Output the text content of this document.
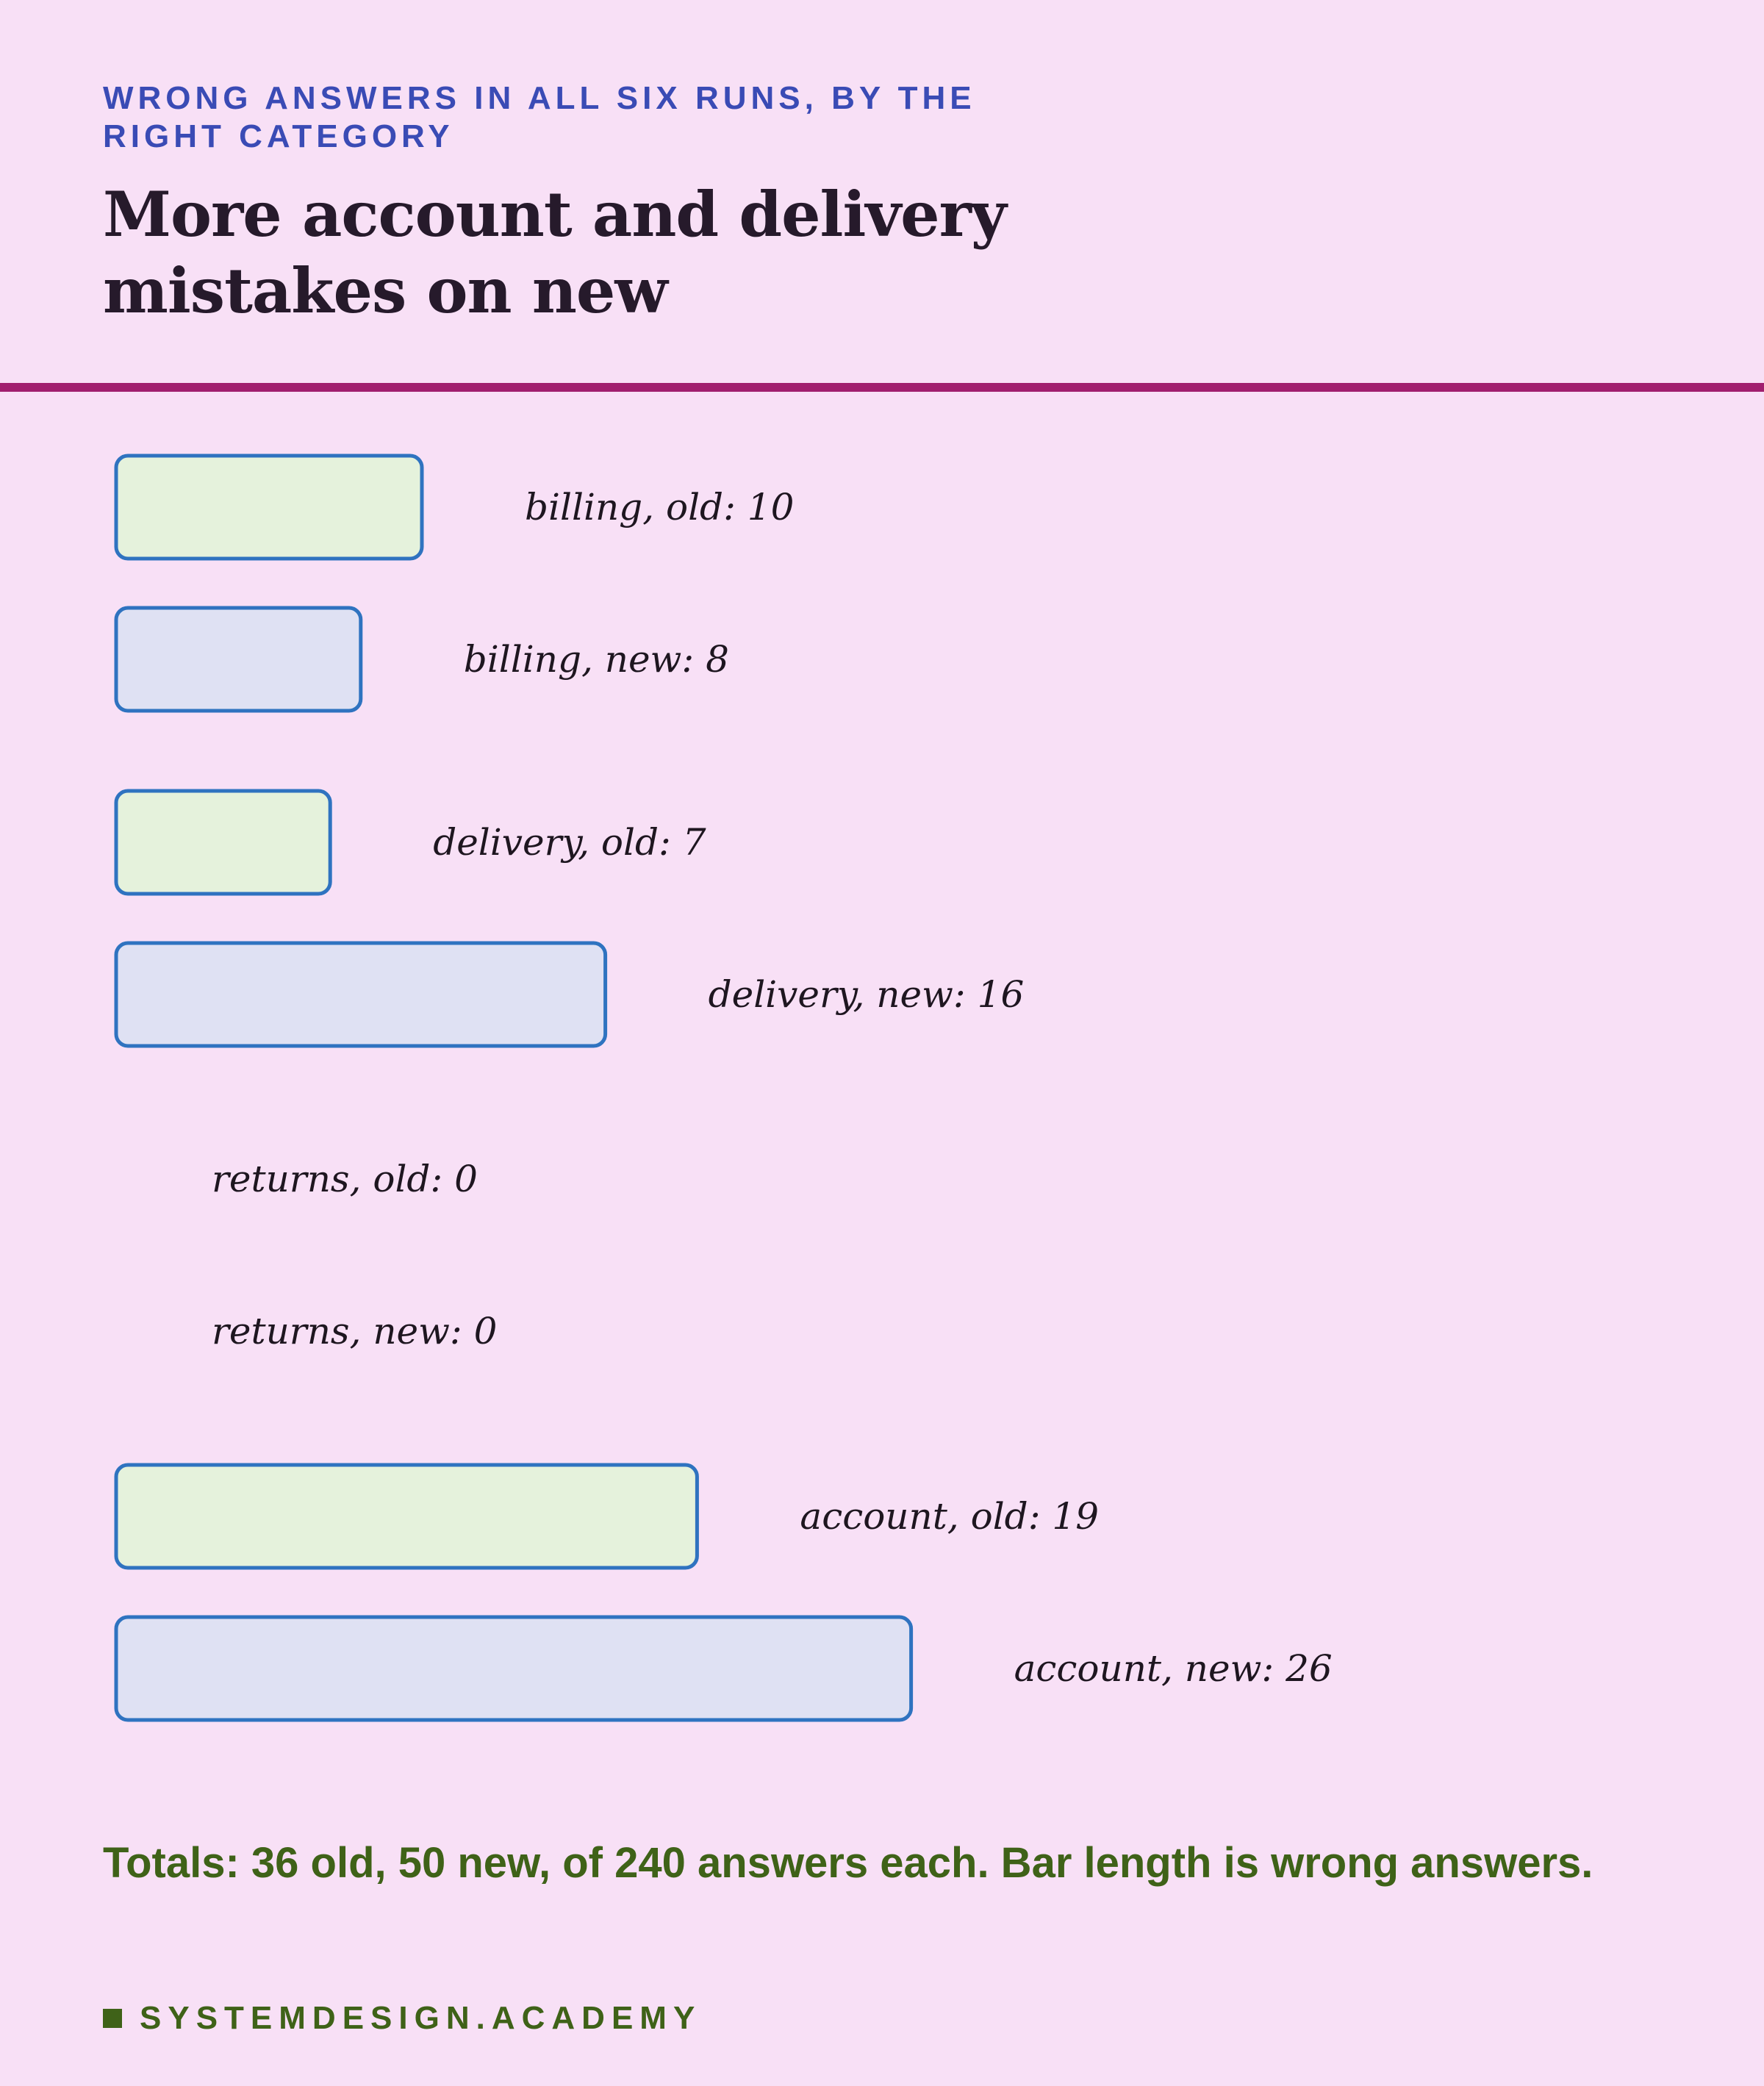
WRONG ANSWERS IN ALL SIX RUNS, BY THE RIGHT CATEGORY
More account and delivery mistakes on new
billing, old: 10
billing, new: 8
delivery, old: 7
delivery, new: 16
returns, old: 0
returns, new: 0
account, old: 19
account, new: 26
Totals: 36 old, 50 new, of 240 answers each. Bar length is wrong answers.
SYSTEMDESIGN.ACADEMY
